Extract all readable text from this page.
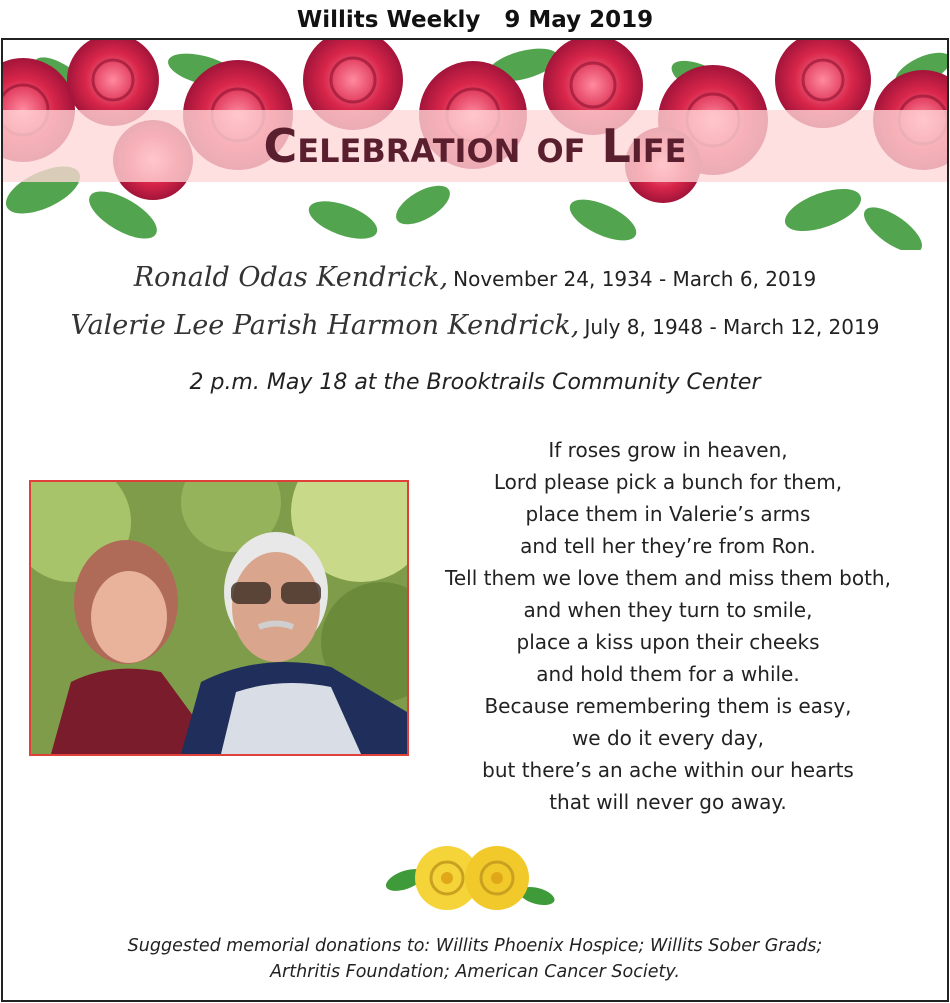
Willits Weekly   9 May 2019
Celebration of Life
Ronald Odas Kendrick, November 24, 1934 - March 6, 2019
Valerie Lee Parish Harmon Kendrick, July 8, 1948 - March 12, 2019
2 p.m. May 18 at the Brooktrails Community Center
If roses grow in heaven,
Lord please pick a bunch for them,
place them in Valerie’s arms
and tell her they’re from Ron.
Tell them we love them and miss them both,
and when they turn to smile,
place a kiss upon their cheeks
and hold them for a while.
Because remembering them is easy,
we do it every day,
but there’s an ache within our hearts
that will never go away.
Suggested memorial donations to: Willits Phoenix Hospice; Willits Sober Grads;
Arthritis Foundation; American Cancer Society.
